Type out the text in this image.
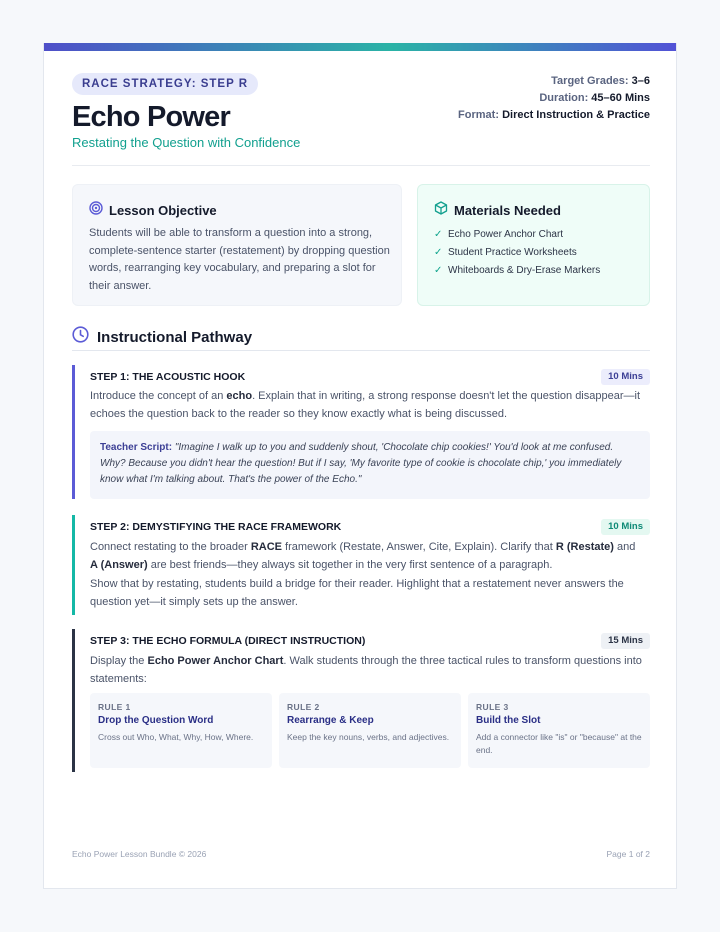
RACE STRATEGY: STEP R
Echo Power
Restating the Question with Confidence
Target Grades: 3–6
Duration: 45–60 Mins
Format: Direct Instruction & Practice
Lesson Objective
Students will be able to transform a question into a strong, complete-sentence starter (restatement) by dropping question words, rearranging key vocabulary, and preparing a slot for their answer.
Materials Needed
✓ Echo Power Anchor Chart
✓ Student Practice Worksheets
✓ Whiteboards & Dry-Erase Markers
Instructional Pathway
STEP 1: THE ACOUSTIC HOOK	10 Mins
Introduce the concept of an echo. Explain that in writing, a strong response doesn't let the question disappear—it echoes the question back to the reader so they know exactly what is being discussed.
Teacher Script: "Imagine I walk up to you and suddenly shout, 'Chocolate chip cookies!' You'd look at me confused. Why? Because you didn't hear the question! But if I say, 'My favorite type of cookie is chocolate chip,' you immediately know what I'm talking about. That's the power of the Echo."
STEP 2: DEMYSTIFYING THE RACE FRAMEWORK	10 Mins
Connect restating to the broader RACE framework (Restate, Answer, Cite, Explain). Clarify that R (Restate) and A (Answer) are best friends—they always sit together in the very first sentence of a paragraph.
Show that by restating, students build a bridge for their reader. Highlight that a restatement never answers the question yet—it simply sets up the answer.
STEP 3: THE ECHO FORMULA (DIRECT INSTRUCTION)	15 Mins
Display the Echo Power Anchor Chart. Walk students through the three tactical rules to transform questions into statements:
RULE 1
Drop the Question Word
Cross out Who, What, Why, How, Where.
RULE 2
Rearrange & Keep
Keep the key nouns, verbs, and adjectives.
RULE 3
Build the Slot
Add a connector like "is" or "because" at the end.
Echo Power Lesson Bundle © 2026	Page 1 of 2
